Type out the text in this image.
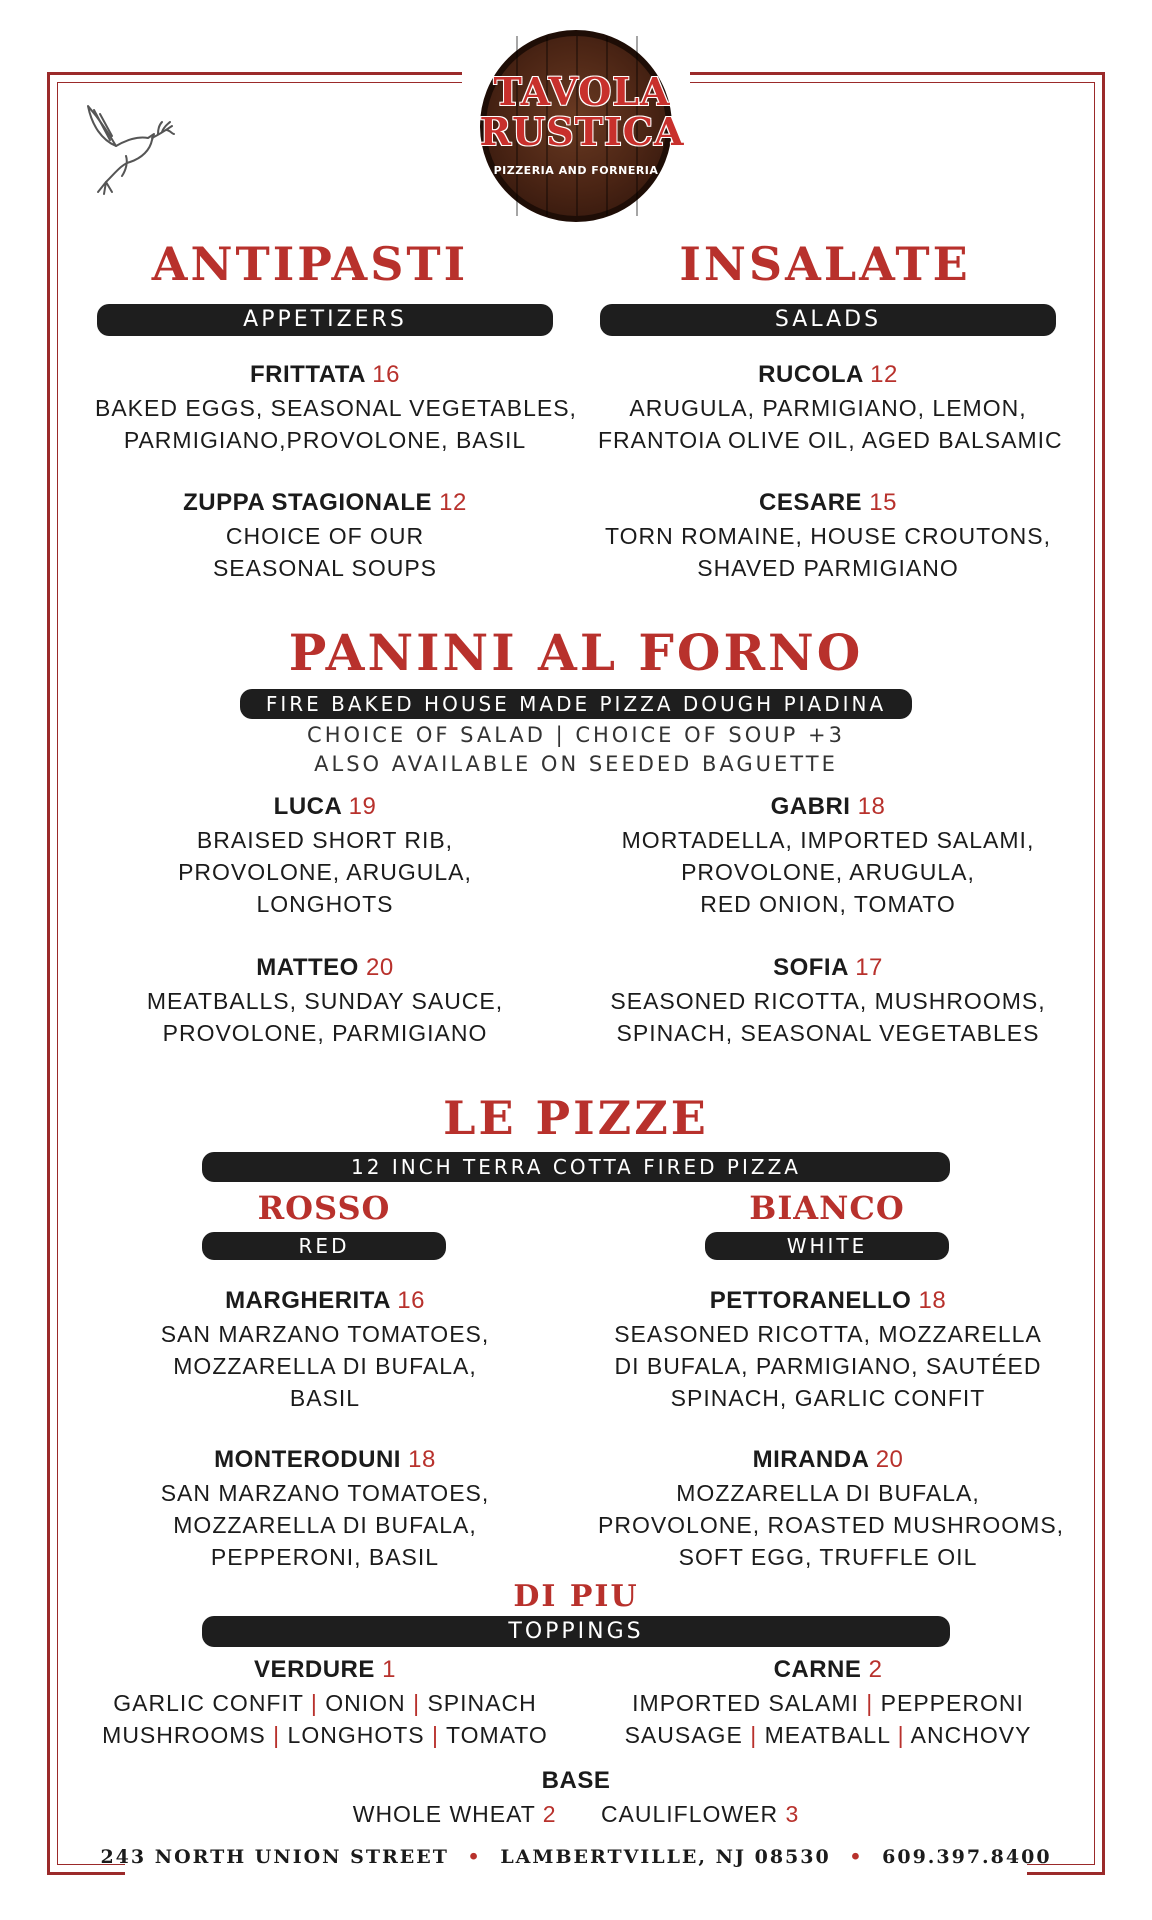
TAVOLA
RUSTICA
PIZZERIA AND FORNERIA
ANTIPASTI
APPETIZERS
FRITTATA 16
BAKED EGGS, SEASONAL VEGETABLES,
PARMIGIANO,PROVOLONE, BASIL
ZUPPA STAGIONALE 12
CHOICE OF OUR
SEASONAL SOUPS
INSALATE
SALADS
RUCOLA 12
ARUGULA, PARMIGIANO, LEMON,
FRANTOIA OLIVE OIL, AGED BALSAMIC
CESARE 15
TORN ROMAINE, HOUSE CROUTONS,
SHAVED PARMIGIANO
PANINI AL FORNO
FIRE BAKED HOUSE MADE PIZZA DOUGH PIADINA
CHOICE OF SALAD | CHOICE OF SOUP +3
ALSO AVAILABLE ON SEEDED BAGUETTE
LUCA 19
BRAISED SHORT RIB,
PROVOLONE, ARUGULA,
LONGHOTS
GABRI 18
MORTADELLA, IMPORTED SALAMI,
PROVOLONE, ARUGULA,
RED ONION, TOMATO
MATTEO 20
MEATBALLS, SUNDAY SAUCE,
PROVOLONE, PARMIGIANO
SOFIA 17
SEASONED RICOTTA, MUSHROOMS,
SPINACH, SEASONAL VEGETABLES
LE PIZZE
12 INCH TERRA COTTA FIRED PIZZA
ROSSO
RED
BIANCO
WHITE
MARGHERITA 16
SAN MARZANO TOMATOES,
MOZZARELLA DI BUFALA,
BASIL
PETTORANELLO 18
SEASONED RICOTTA, MOZZARELLA
DI BUFALA, PARMIGIANO, SAUTÉED
SPINACH, GARLIC CONFIT
MONTERODUNI 18
SAN MARZANO TOMATOES,
MOZZARELLA DI BUFALA,
PEPPERONI, BASIL
MIRANDA 20
MOZZARELLA DI BUFALA,
PROVOLONE, ROASTED MUSHROOMS,
SOFT EGG, TRUFFLE OIL
DI PIU
TOPPINGS
VERDURE 1
GARLIC CONFIT | ONION | SPINACH
MUSHROOMS | LONGHOTS | TOMATO
CARNE 2
IMPORTED SALAMI | PEPPERONI
SAUSAGE | MEATBALL | ANCHOVY
BASE
WHOLE WHEAT 2 CAULIFLOWER 3
243 NORTH UNION STREET • LAMBERTVILLE, NJ 08530 • 609.397.8400
